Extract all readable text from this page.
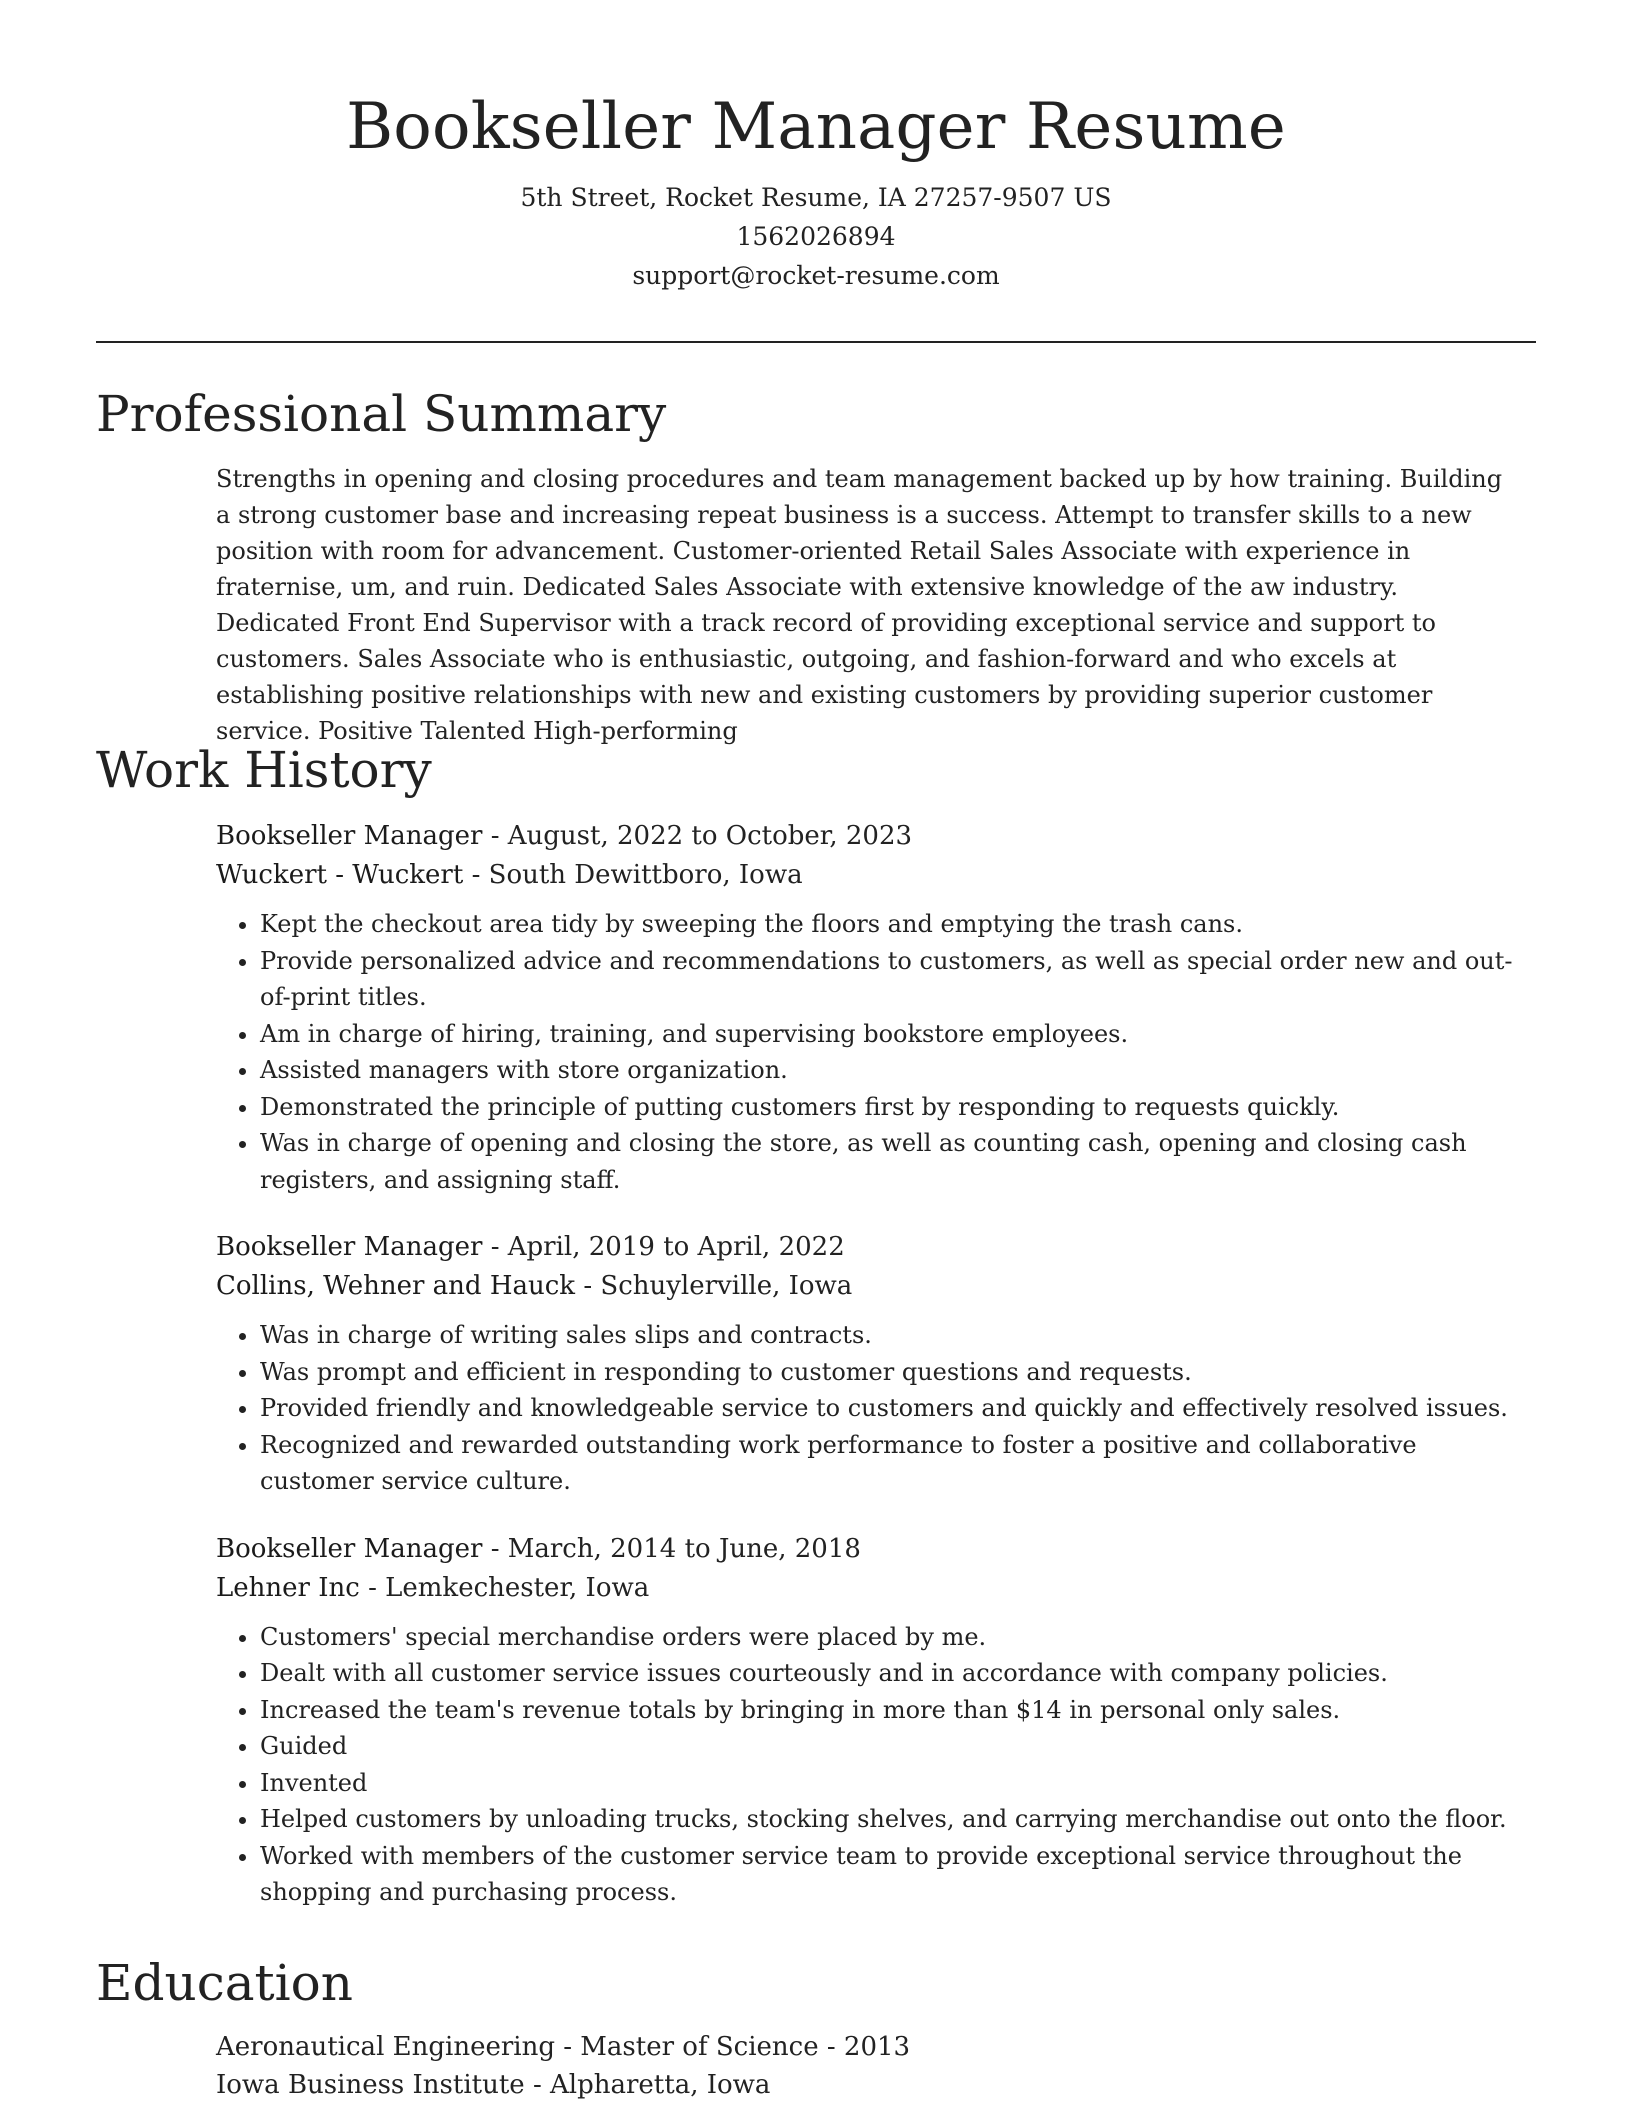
Bookseller Manager Resume
5th Street, Rocket Resume, IA 27257-9507 US
1562026894
support@rocket-resume.com
Professional Summary

Strengths in opening and closing procedures and team management backed up by how training. Building a strong customer base and increasing repeat business is a success. Attempt to transfer skills to a new position with room for advancement. Customer-oriented Retail Sales Associate with experience in fraternise, um, and ruin. Dedicated Sales Associate with extensive knowledge of the aw industry. Dedicated Front End Supervisor with a track record of providing exceptional service and support to customers. Sales Associate who is enthusiastic, outgoing, and fashion-forward and who excels at establishing positive relationships with new and existing customers by providing superior customer service. Positive Talented High-performing

Work History
Bookseller Manager - August, 2022 to October, 2023
Wuckert - Wuckert - South Dewittboro, Iowa
• Kept the checkout area tidy by sweeping the floors and emptying the trash cans.
• Provide personalized advice and recommendations to customers, as well as special order new and out-of-print titles.
• Am in charge of hiring, training, and supervising bookstore employees.
• Assisted managers with store organization.
• Demonstrated the principle of putting customers first by responding to requests quickly.
• Was in charge of opening and closing the store, as well as counting cash, opening and closing cash registers, and assigning staff.
Bookseller Manager - April, 2019 to April, 2022
Collins, Wehner and Hauck - Schuylerville, Iowa
• Was in charge of writing sales slips and contracts.
• Was prompt and efficient in responding to customer questions and requests.
• Provided friendly and knowledgeable service to customers and quickly and effectively resolved issues.
• Recognized and rewarded outstanding work performance to foster a positive and collaborative customer service culture.
Bookseller Manager - March, 2014 to June, 2018
Lehner Inc - Lemkechester, Iowa
• Customers' special merchandise orders were placed by me.
• Dealt with all customer service issues courteously and in accordance with company policies.
• Increased the team's revenue totals by bringing in more than $14 in personal only sales.
• Guided
• Invented
• Helped customers by unloading trucks, stocking shelves, and carrying merchandise out onto the floor.
• Worked with members of the customer service team to provide exceptional service throughout the shopping and purchasing process.
Education
Aeronautical Engineering - Master of Science - 2013
Iowa Business Institute - Alpharetta, Iowa
